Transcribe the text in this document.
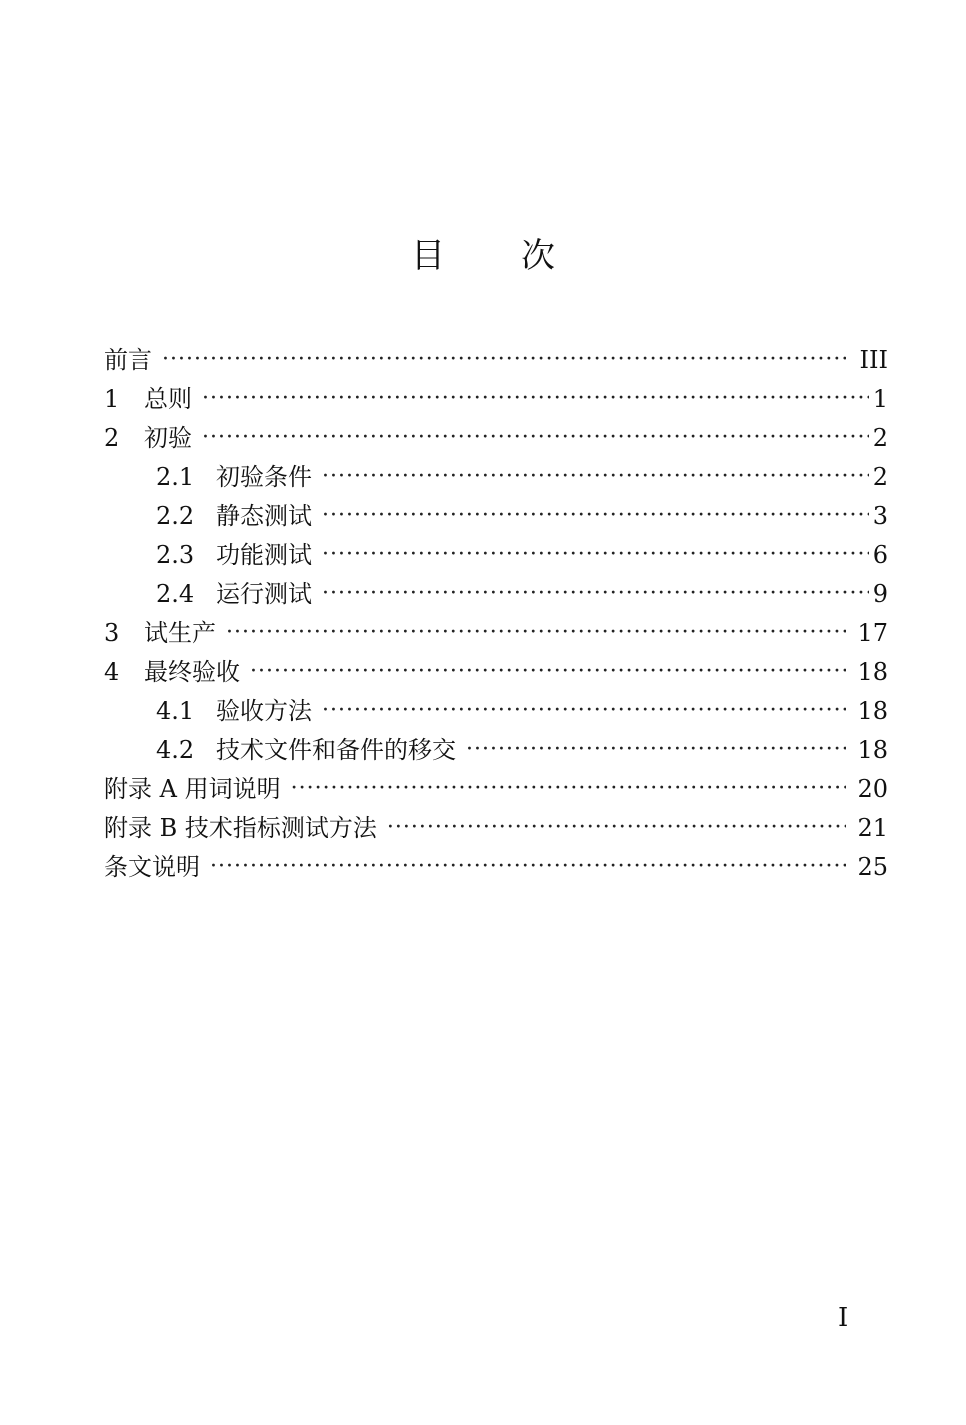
目 次
前言 ·····	III
1	总则 ·····	1
2	初验 ·····	2
2.1 初验条件 ·····	2
2.2 静态测试 ·····	3
2.3 功能测试 ·····	6
2.4 运行测试 ·····	9
3	试生产 ·····	17
4	最终验收 ·····	18
4.1 验收方法 ·····	18
4.2 技术文件和备件的移交 ·····	18
附录 A 用词说明 ·····	20
附录 B 技术指标测试方法 ·····	21
条文说明 ·····	25
I
